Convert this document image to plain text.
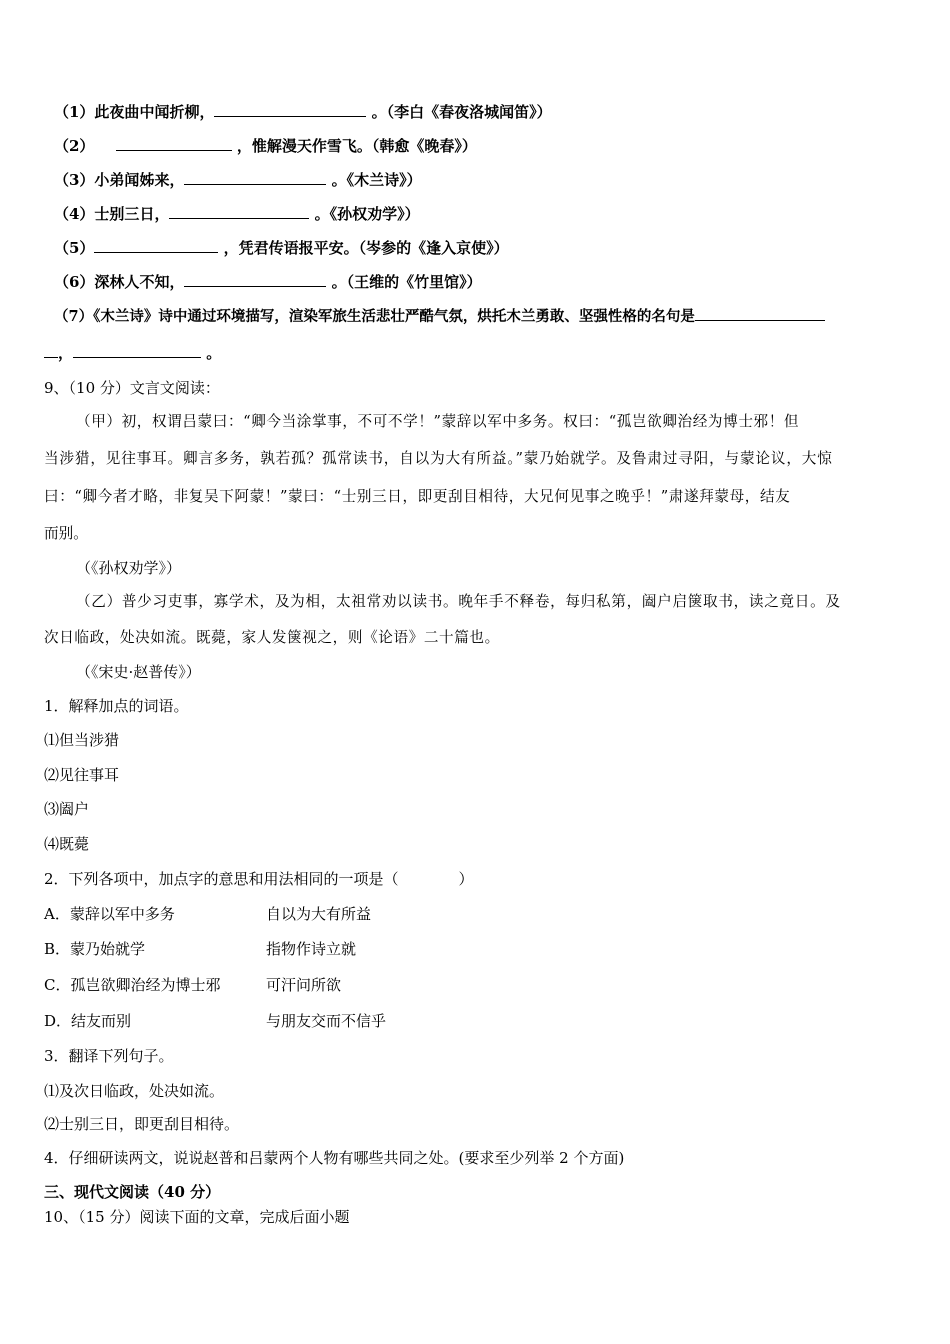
（1）此夜曲中闻折柳，	。（李白《春夜洛城闻笛》）
（2）	，惟解漫天作雪飞。（韩愈《晚春》）
（3）小弟闻姊来，	。《木兰诗》）
（4）士别三日，	。《孙权劝学》）
（5）	，凭君传语报平安。（岑参的《逢入京使》）
（6）深林人不知，	。（王维的《竹里馆》）
（7）《木兰诗》诗中通过环境描写，渲染军旅生活悲壮严酷气氛，烘托木兰勇敢、坚强性格的名句是
，	。
9、（10 分）文言文阅读：
（甲）初，权谓吕蒙曰：“卿今当涂掌事，不可不学！”蒙辞以军中多务。权曰：“孤岂欲卿治经为博士邪！但
当涉猎，见往事耳。卿言多务，孰若孤？孤常读书，自以为大有所益。”蒙乃始就学。及鲁肃过寻阳，与蒙论议，大惊
曰：“卿今者才略，非复吴下阿蒙！”蒙曰：“士别三日，即更刮目相待，大兄何见事之晚乎！”肃遂拜蒙母，结友
而别。
（《孙权劝学》）
（乙）普少习吏事，寡学术，及为相，太祖常劝以读书。晚年手不释卷，每归私第，阖户启箧取书，读之竟日。及
次日临政，处决如流。既薨，家人发箧视之，则《论语》二十篇也。
（《宋史·赵普传》）
1．解释加点的词语。
⑴但当涉猎
⑵见往事耳
⑶阖户
⑷既薨
2．下列各项中，加点字的意思和用法相同的一项是（　　　　）
A．蒙辞以军中多务	自以为大有所益
B．蒙乃始就学	指物作诗立就
C．孤岂欲卿治经为博士邪	可汗问所欲
D．结友而别	与朋友交而不信乎
3．翻译下列句子。
⑴及次日临政，处决如流。
⑵士别三日，即更刮目相待。
4．仔细研读两文，说说赵普和吕蒙两个人物有哪些共同之处。(要求至少列举 2 个方面)
三、现代文阅读（40 分）
10、（15 分）阅读下面的文章，完成后面小题
